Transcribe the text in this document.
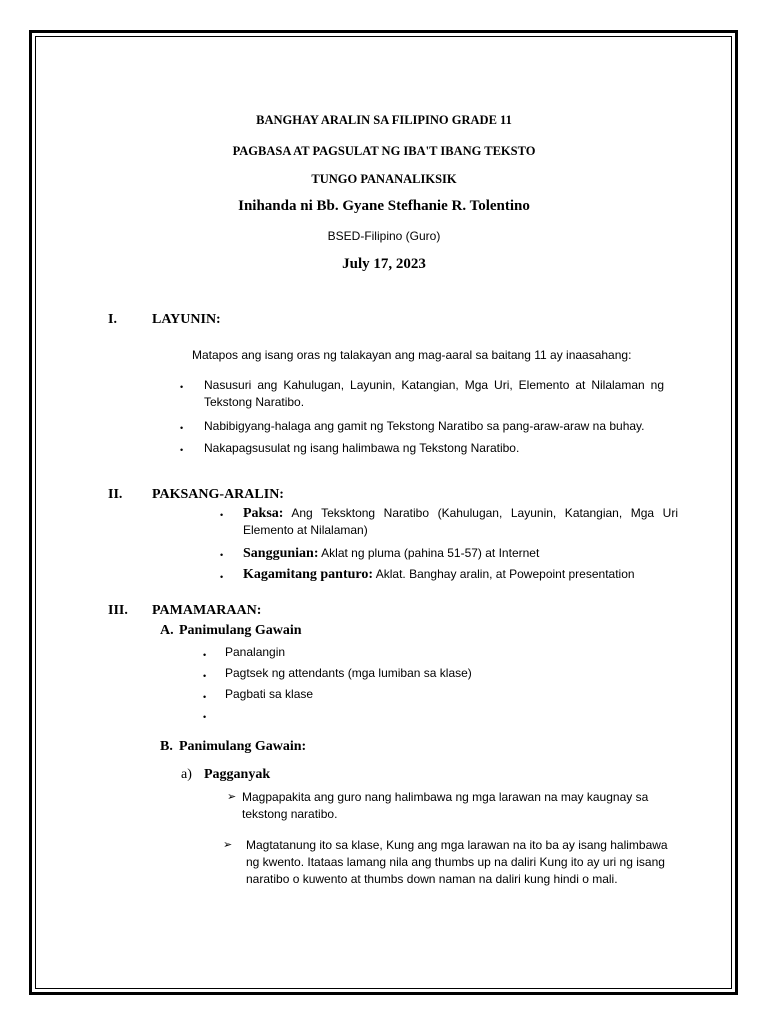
BANGHAY ARALIN SA FILIPINO GRADE 11
PAGBASA AT PAGSULAT NG IBA'T IBANG TEKSTO
TUNGO PANANALIKSIK
Inihanda ni Bb. Gyane Stefhanie R. Tolentino
BSED-Filipino (Guro)
July 17, 2023
I.	LAYUNIN:
Matapos ang isang oras ng talakayan ang mag-aaral sa baitang 11 ay inaasahang:
• Nasusuri ang Kahulugan, Layunin, Katangian, Mga Uri, Elemento at Nilalaman ng Tekstong Naratibo.
• Nabibigyang-halaga ang gamit ng Tekstong Naratibo sa pang-araw-araw na buhay.
• Nakapagsusulat ng isang halimbawa ng Tekstong Naratibo.
II. PAKSANG-ARALIN:
• Paksa: Ang Teksktong Naratibo (Kahulugan, Layunin, Katangian, Mga Uri Elemento at Nilalaman)
• Sanggunian: Aklat ng pluma (pahina 51-57) at Internet
• Kagamitang panturo: Aklat. Banghay aralin, at Powepoint presentation
III. PAMAMARAAN:
A. Panimulang Gawain
• Panalangin
• Pagtsek ng attendants (mga lumiban sa klase)
• Pagbati sa klase
•
B. Panimulang Gawain:
a) Pagganyak
➢ Magpapakita ang guro nang halimbawa ng mga larawan na may kaugnay sa tekstong naratibo.
➢ Magtatanung ito sa klase, Kung ang mga larawan na ito ba ay isang halimbawa ng kwento. Itataas lamang nila ang thumbs up na daliri Kung ito ay uri ng isang naratibo o kuwento at thumbs down naman na daliri kung hindi o mali.
